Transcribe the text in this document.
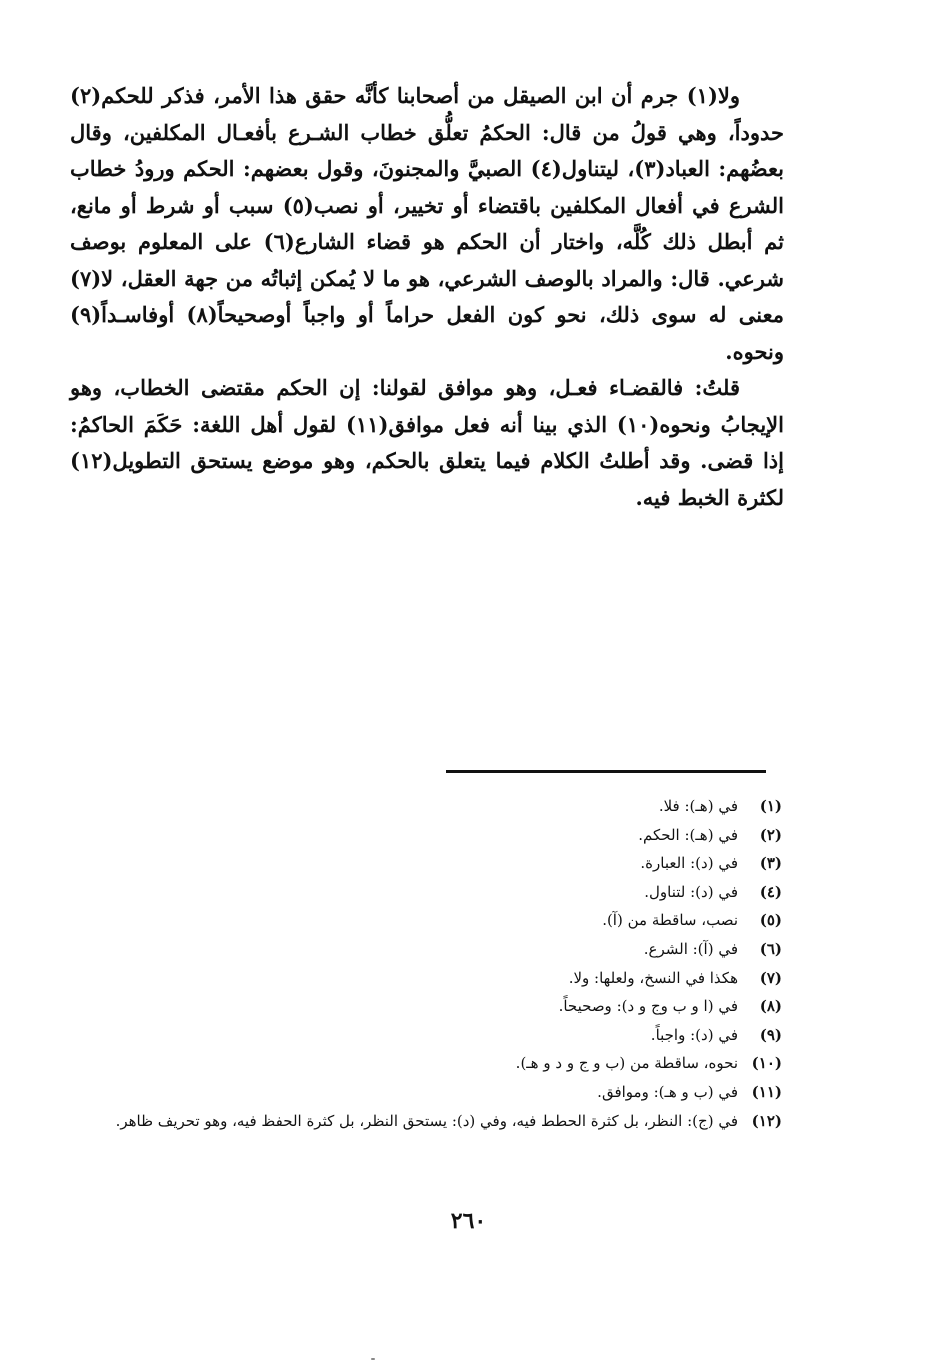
ولا(١) جرم أن ابن الصيقل من أصحابنا كأنَّه حقق هذا الأمر، فذكر للحكم(٢) حدوداً، وهي قولُ من قال: الحكمُ تعلُّق خطاب الشـرع بأفعـال المكلفين، وقال بعضُهم: العباد(٣)، ليتناول(٤) الصبيَّ والمجنونَ، وقول بعضهم: الحكم ورودُ خطاب الشرع في أفعال المكلفين باقتضاء أو تخيير، أو نصب(٥) سبب أو شرط أو مانع، ثم أبطل ذلك كُلَّه، واختار أن الحكم هو قضاء الشارع(٦) على المعلوم بوصف شرعي. قال: والمراد بالوصف الشرعي، هو ما لا يُمكن إثباتُه من جهة العقل، لا(٧) معنى له سوى ذلك، نحو كون الفعل حراماً أو واجباً أوصحيحاً(٨) أوفاسـداً(٩) ونحوه.

قلتُ: فالقضـاء فعـل، وهو موافق لقولنا: إن الحكم مقتضى الخطاب، وهو الإيجابُ ونحوه(١٠) الذي بينا أنه فعل موافق(١١) لقول أهل اللغة: حَكَمَ الحاكمُ: إذا قضى. وقد أطلتُ الكلام فيما يتعلق بالحكم، وهو موضع يستحق التطويل(١٢) لكثرة الخبط فيه.

(١)
في (هـ): فلا.
(٢)
في (هـ): الحكم.
(٣)
في (د): العبارة.
(٤)
في (د): لتناول.
(٥)
نصب، ساقطة من (آ).
(٦)
في (آ): الشرع.
(٧)
هكذا في النسخ، ولعلها: ولا.
(٨)
في (ا و ب وج و د): وصحيحاً.
(٩)
في (د): واجباً.
(١٠)
نحوه، ساقطة من (ب و ج و د و هـ).
(١١)
في (ب و هـ): وموافق.
(١٢)
في (ج): النظر، بل كثرة الحطط فيه، وفي (د): يستحق النظر، بل كثرة الحفظ فيه، وهو تحريف ظاهر.
٢٦٠
